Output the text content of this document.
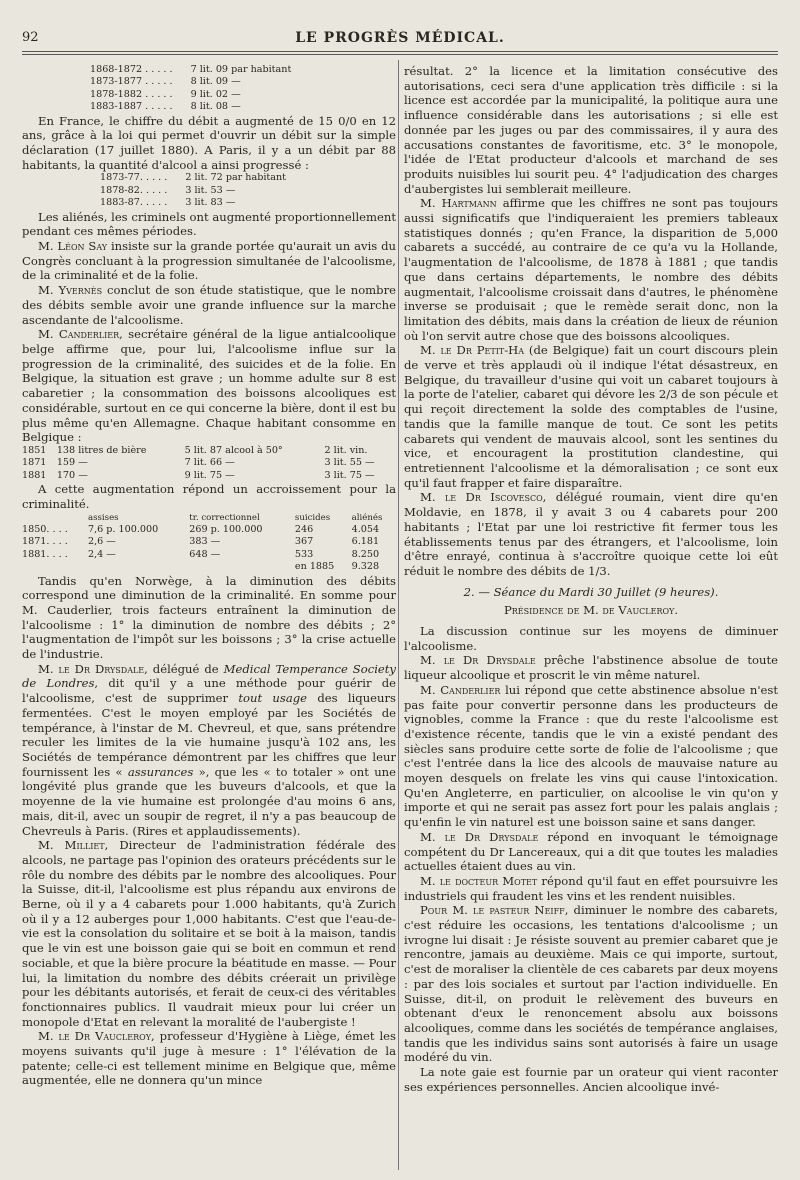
92	LE PROGRÈS MÉDICAL.
1868-1872 . . . . .	7 lit. 09 par habitant
1873-1877 . . . . .	8 lit. 09 —
1878-1882 . . . . .	9 lit. 02 —
1883-1887 . . . . .	8 lit. 08 —

En France, le chiffre du débit a augmenté de 15 0/0 en 12 ans, grâce à la loi qui permet d'ouvrir un débit sur la simple déclaration (17 juillet 1880). A Paris, il y a un débit par 88 habitants, la quantité d'alcool a ainsi progressé :

1873-77. . . . .	2 lit. 72 par habitant
1878-82. . . . .	3 lit. 53 —
1883-87. . . . .	3 lit. 83 —

Les aliénés, les criminels ont augmenté proportionnellement pendant ces mêmes périodes.

M. Léon Say insiste sur la grande portée qu'aurait un avis du Congrès concluant à la progression simultanée de l'alcoolisme, de la criminalité et de la folie.

M. Yvernès conclut de son étude statistique, que le nombre des débits semble avoir une grande influence sur la marche ascendante de l'alcoolisme.

M. Canderlier, secrétaire général de la ligue antialcoolique belge affirme que, pour lui, l'alcoolisme influe sur la progression de la criminalité, des suicides et de la folie. En Belgique, la situation est grave ; un homme adulte sur 8 est cabaretier ; la consommation des boissons alcooliques est considérable, surtout en ce qui concerne la bière, dont il est bu plus même qu'en Allemagne. Chaque habitant consomme en Belgique :

1851	138 litres de bière	5 lit. 87 alcool à 50°	2 lit. vin.
1871	159 —	7 lit. 66 —	3 lit. 55 —
1881	170 —	9 lit. 75 —	3 lit. 75 —

A cette augmentation répond un accroissement pour la criminalité.

	assises	tr. correctionnel	suicides	aliénés
1850. . . .	7,6 p. 100.000	269 p. 100.000	246	4.054
1871. . . .	2,6 —	383 —	367	6.181
1881. . . .	2,4 —	648 —	533	8.250
			en 1885	9.328

Tandis qu'en Norwège, à la diminution des débits correspond une diminution de la criminalité. En somme pour M. Cauderlier, trois facteurs entraînent la diminution de l'alcoolisme : 1° la diminution de nombre des débits ; 2° l'augmentation de l'impôt sur les boissons ; 3° la crise actuelle de l'industrie.

M. le Dr Drysdale, délégué de Medical Temperance Society de Londres, dit qu'il y a une méthode pour guérir de l'alcoolisme, c'est de supprimer tout usage des liqueurs fermentées. C'est le moyen employé par les Sociétés de tempérance, à l'instar de M. Chevreul, et que, sans prétendre reculer les limites de la vie humaine jusqu'à 102 ans, les Sociétés de tempérance démontrent par les chiffres que leur fournissent les « assurances », que les « to totaler » ont une longévité plus grande que les buveurs d'alcools, et que la moyenne de la vie humaine est prolongée d'au moins 6 ans, mais, dit-il, avec un soupir de regret, il n'y a pas beaucoup de Chevreuls à Paris. (Rires et applaudissements).

M. Milliet, Directeur de l'administration fédérale des alcools, ne partage pas l'opinion des orateurs précédents sur le rôle du nombre des débits par le nombre des alcooliques. Pour la Suisse, dit-il, l'alcoolisme est plus répandu aux environs de Berne, où il y a 4 cabarets pour 1.000 habitants, qu'à Zurich où il y a 12 auberges pour 1,000 habitants. C'est que l'eau-de-vie est la consolation du solitaire et se boit à la maison, tandis que le vin est une boisson gaie qui se boit en commun et rend sociable, et que la bière procure la béatitude en masse. — Pour lui, la limitation du nombre des débits créerait un privilège pour les débitants autorisés, et ferait de ceux-ci des véritables fonctionnaires publics. Il vaudrait mieux pour lui créer un monopole d'Etat en relevant la moralité de l'aubergiste !

M. le Dr Vaucleroy, professeur d'Hygiène à Liège, émet les moyens suivants qu'il juge à mesure : 1° l'élévation de la patente; celle-ci est tellement minime en Belgique que, même augmentée, elle ne donnera qu'un mince

résultat. 2° la licence et la limitation consécutive des autorisations, ceci sera d'une application très difficile : si la licence est accordée par la municipalité, la politique aura une influence considérable dans les autorisations ; si elle est donnée par les juges ou par des commissaires, il y aura des accusations constantes de favoritisme, etc. 3° le monopole, l'idée de l'Etat producteur d'alcools et marchand de ses produits nuisibles lui sourit peu. 4° l'adjudication des charges d'aubergistes lui semblerait meilleure.

M. Hartmann affirme que les chiffres ne sont pas toujours aussi significatifs que l'indiqueraient les premiers tableaux statistiques donnés ; qu'en France, la disparition de 5,000 cabarets a succédé, au contraire de ce qu'a vu la Hollande, l'augmentation de l'alcoolisme, de 1878 à 1881 ; que tandis que dans certains départements, le nombre des débits augmentait, l'alcoolisme croissait dans d'autres, le phénomène inverse se produisait ; que le remède serait donc, non la limitation des débits, mais dans la création de lieux de réunion où l'on servit autre chose que des boissons alcooliques.

M. le Dr Petit-Ha (de Belgique) fait un court discours plein de verve et très applaudi où il indique l'état désastreux, en Belgique, du travailleur d'usine qui voit un cabaret toujours à la porte de l'atelier, cabaret qui dévore les 2/3 de son pécule et qui reçoit directement la solde des comptables de l'usine, tandis que la famille manque de tout. Ce sont les petits cabarets qui vendent de mauvais alcool, sont les sentines du vice, et encouragent la prostitution clandestine, qui entretiennent l'alcoolisme et la démoralisation ; ce sont eux qu'il faut frapper et faire disparaître.

M. le Dr Iscovesco, délégué roumain, vient dire qu'en Moldavie, en 1878, il y avait 3 ou 4 cabarets pour 200 habitants ; l'Etat par une loi restrictive fit fermer tous les établissements tenus par des étrangers, et l'alcoolisme, loin d'être enrayé, continua à s'accroître quoique cette loi eût réduit le nombre des débits de 1/3.

2. — Séance du Mardi 30 Juillet (9 heures).

Présidence de M. de Vaucleroy.

La discussion continue sur les moyens de diminuer l'alcoolisme.

M. le Dr Drysdale prêche l'abstinence absolue de toute liqueur alcoolique et proscrit le vin même naturel.

M. Canderlier lui répond que cette abstinence absolue n'est pas faite pour convertir personne dans les producteurs de vignobles, comme la France : que du reste l'alcoolisme est d'existence récente, tandis que le vin a existé pendant des siècles sans produire cette sorte de folie de l'alcoolisme ; que c'est l'entrée dans la lice des alcools de mauvaise nature au moyen desquels on frelate les vins qui cause l'intoxication. Qu'en Angleterre, en particulier, on alcoolise le vin qu'on y importe et qui ne serait pas assez fort pour les palais anglais ; qu'enfin le vin naturel est une boisson saine et sans danger.

M. le Dr Drysdale répond en invoquant le témoignage compétent du Dr Lancereaux, qui a dit que toutes les maladies actuelles étaient dues au vin.

M. le docteur Motet répond qu'il faut en effet poursuivre les industriels qui fraudent les vins et les rendent nuisibles.

Pour M. le pasteur Neiff, diminuer le nombre des cabarets, c'est réduire les occasions, les tentations d'alcoolisme ; un ivrogne lui disait : Je résiste souvent au premier cabaret que je rencontre, jamais au deuxième. Mais ce qui importe, surtout, c'est de moraliser la clientèle de ces cabarets par deux moyens : par des lois sociales et surtout par l'action individuelle. En Suisse, dit-il, on produit le relèvement des buveurs en obtenant d'eux le renoncement absolu aux boissons alcooliques, comme dans les sociétés de tempérance anglaises, tandis que les individus sains sont autorisés à faire un usage modéré du vin.

La note gaie est fournie par un orateur qui vient raconter ses expériences personnelles. Ancien alcoolique invé-
